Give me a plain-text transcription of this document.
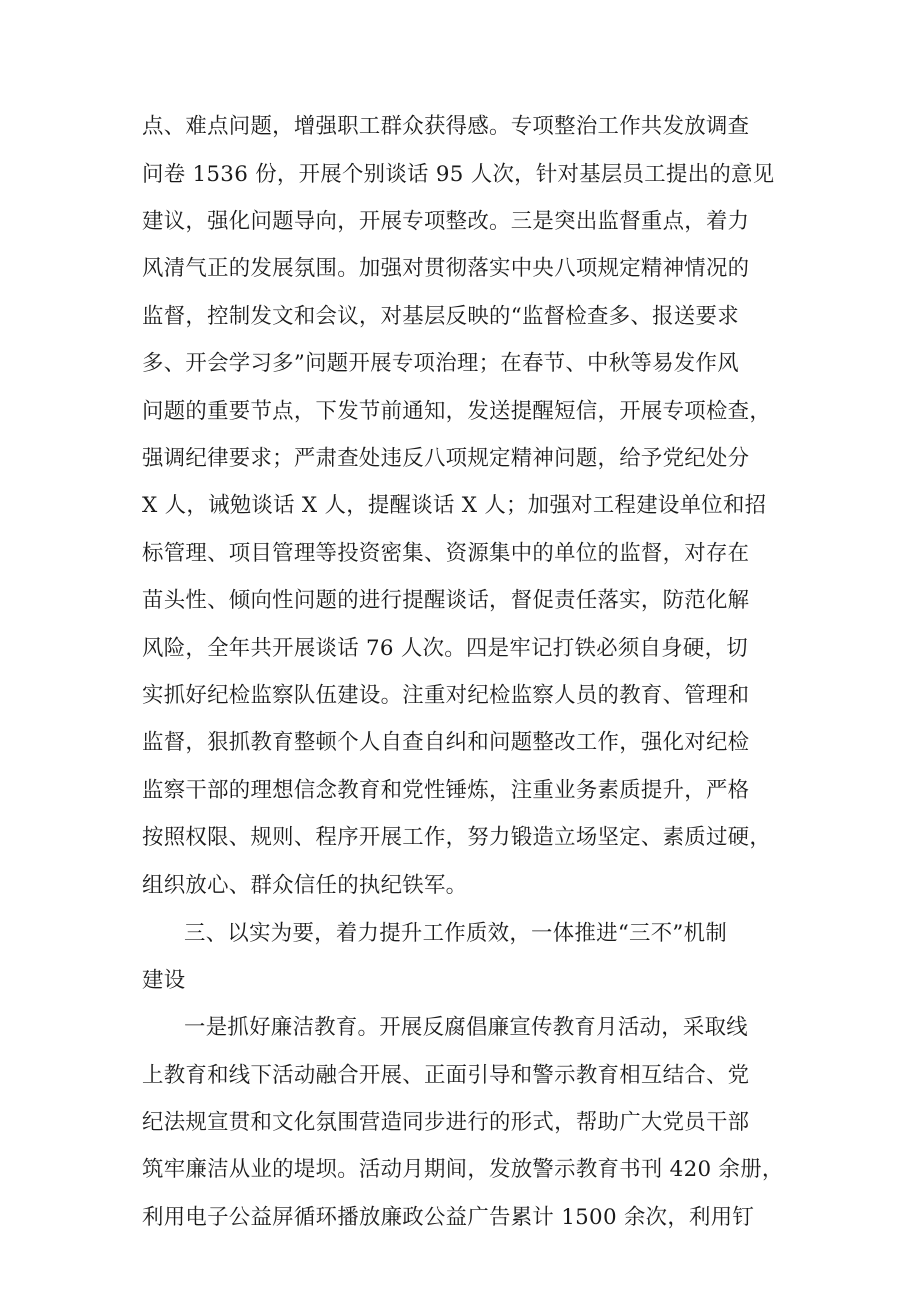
点、难点问题，增强职工群众获得感。专项整治工作共发放调查
问卷 1536 份，开展个别谈话 95 人次，针对基层员工提出的意见
建议，强化问题导向，开展专项整改。三是突出监督重点，着力
风清气正的发展氛围。加强对贯彻落实中央八项规定精神情况的
监督，控制发文和会议，对基层反映的“监督检查多、报送要求
多、开会学习多”问题开展专项治理；在春节、中秋等易发作风
问题的重要节点，下发节前通知，发送提醒短信，开展专项检查，
强调纪律要求；严肃查处违反八项规定精神问题，给予党纪处分
X 人，诫勉谈话 X 人，提醒谈话 X 人；加强对工程建设单位和招
标管理、项目管理等投资密集、资源集中的单位的监督，对存在
苗头性、倾向性问题的进行提醒谈话，督促责任落实，防范化解
风险，全年共开展谈话 76 人次。四是牢记打铁必须自身硬，切
实抓好纪检监察队伍建设。注重对纪检监察人员的教育、管理和
监督，狠抓教育整顿个人自查自纠和问题整改工作，强化对纪检
监察干部的理想信念教育和党性锤炼，注重业务素质提升，严格
按照权限、规则、程序开展工作，努力锻造立场坚定、素质过硬，
组织放心、群众信任的执纪铁军。
三、以实为要，着力提升工作质效，一体推进“三不”机制
建设
一是抓好廉洁教育。开展反腐倡廉宣传教育月活动，采取线
上教育和线下活动融合开展、正面引导和警示教育相互结合、党
纪法规宣贯和文化氛围营造同步进行的形式，帮助广大党员干部
筑牢廉洁从业的堤坝。活动月期间，发放警示教育书刊 420 余册，
利用电子公益屏循环播放廉政公益广告累计 1500 余次，利用钉
